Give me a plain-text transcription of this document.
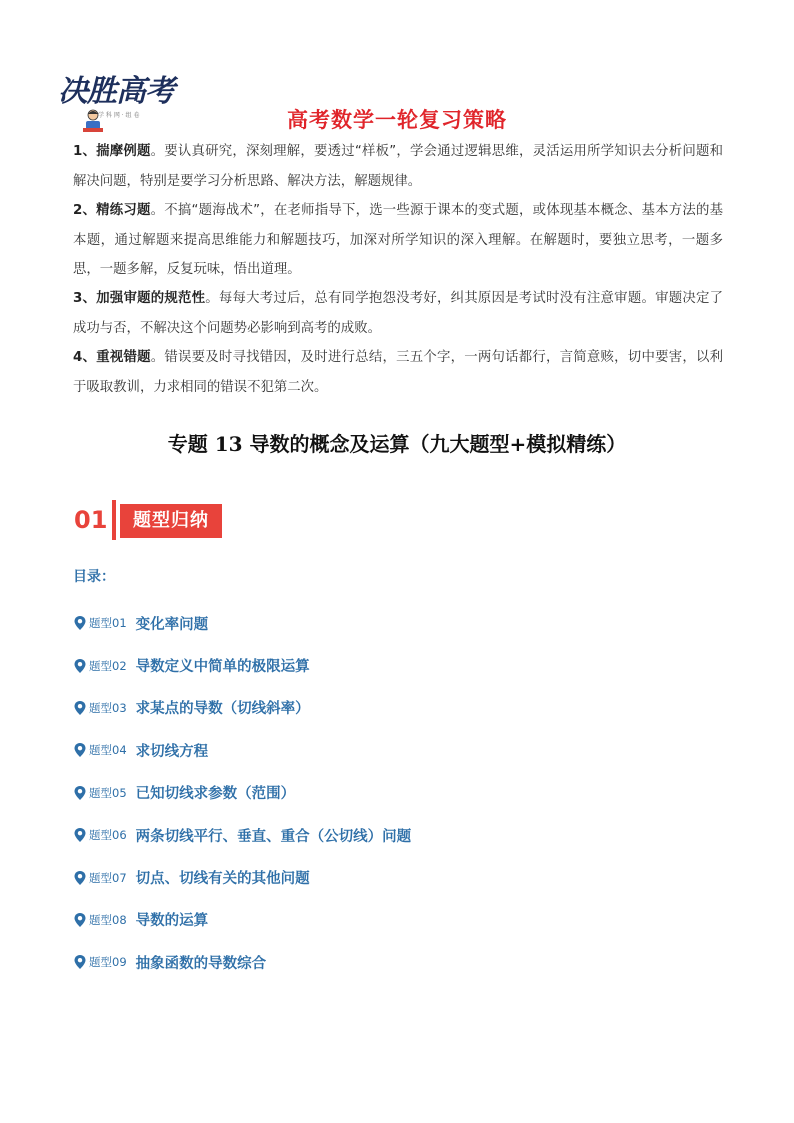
决胜高考
学 科 网 · 组 卷	高考数学一轮复习策略
1、揣摩例题。要认真研究，深刻理解，要透过“样板”，学会通过逻辑思维，灵活运用所学知识去分析问题和解决问题，特别是要学习分析思路、解决方法，解题规律。
2、精练习题。不搞“题海战术”，在老师指导下，选一些源于课本的变式题，或体现基本概念、基本方法的基本题，通过解题来提高思维能力和解题技巧，加深对所学知识的深入理解。在解题时，要独立思考，一题多思，一题多解，反复玩味，悟出道理。
3、加强审题的规范性。每每大考过后，总有同学抱怨没考好，纠其原因是考试时没有注意审题。审题决定了成功与否，不解决这个问题势必影响到高考的成败。
4、重视错题。错误要及时寻找错因，及时进行总结，三五个字，一两句话都行，言简意赅，切中要害，以利于吸取教训，力求相同的错误不犯第二次。
专题 13 导数的概念及运算（九大题型+模拟精练）
01	题型归纳
目录：
题型01 变化率问题
题型02 导数定义中简单的极限运算
题型03 求某点的导数（切线斜率）
题型04 求切线方程
题型05 已知切线求参数（范围）
题型06 两条切线平行、垂直、重合（公切线）问题
题型07 切点、切线有关的其他问题
题型08 导数的运算
题型09 抽象函数的导数综合
